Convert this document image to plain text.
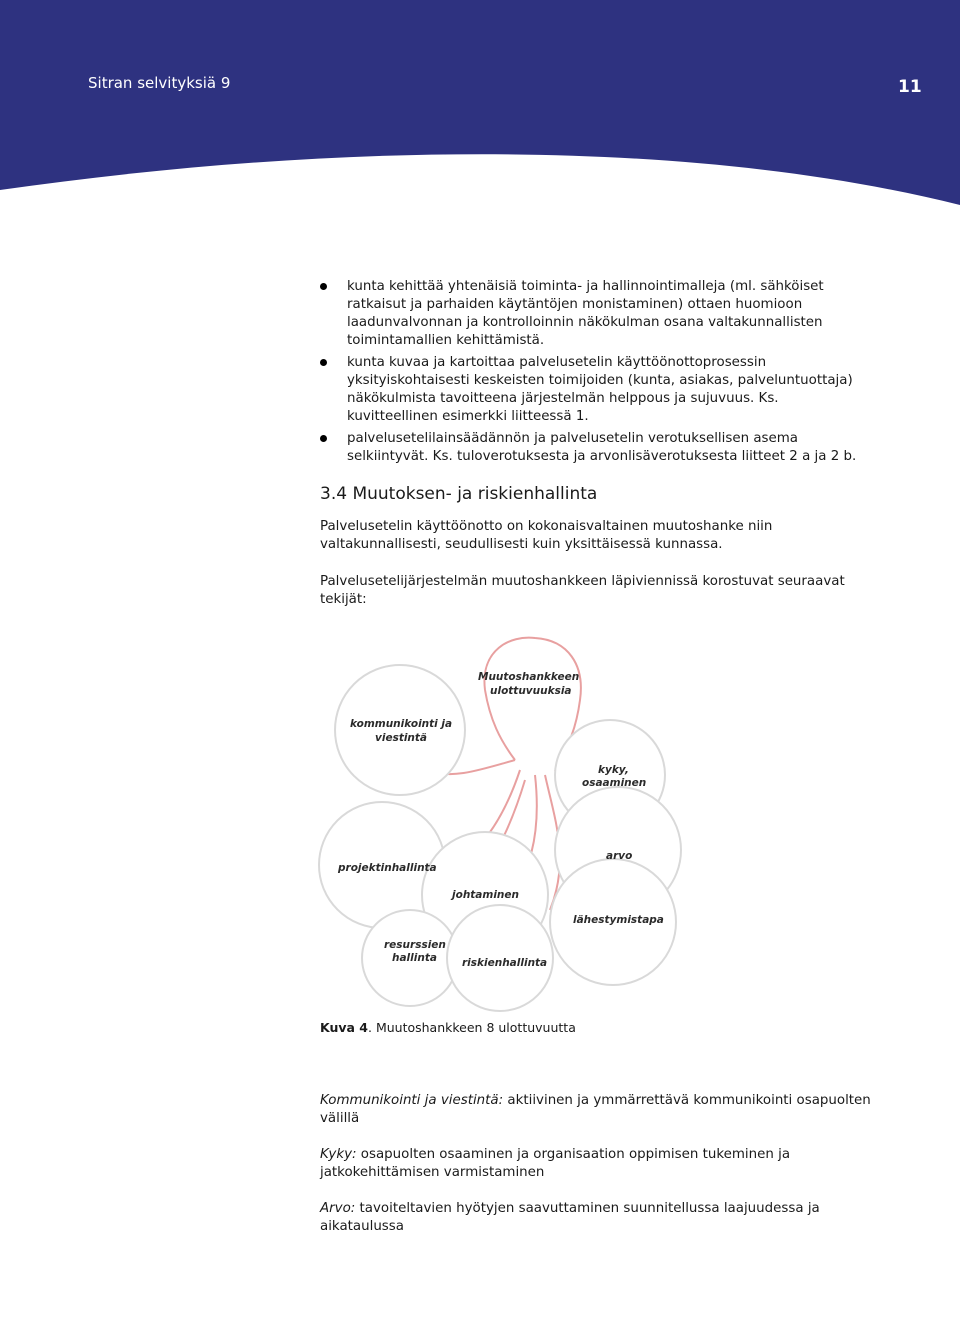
Sitran selvityksiä 9	11
kunta kehittää yhtenäisiä toiminta- ja hallinnointimalleja (ml. sähköiset ratkaisut ja parhaiden käytäntöjen monistaminen) ottaen huomioon laadunvalvonnan ja kontrolloinnin näkökulman osana valtakunnallisten toimintamallien kehittämistä.
kunta kuvaa ja kartoittaa palvelusetelin käyttöönottoprosessin yksityiskohtaisesti keskeisten toimijoiden (kunta, asiakas, palveluntuottaja) näkökulmista tavoitteena järjestelmän helppous ja sujuvuus. Ks. kuvitteellinen esimerkki liitteessä 1.
palvelusetelilainsäädännön ja palvelusetelin verotuksellisen asema selkiintyvät. Ks. tuloverotuksesta ja arvonlisäverotuksesta liitteet 2 a ja 2 b.
3.4 Muutoksen- ja riskienhallinta
Palvelusetelin käyttöönotto on kokonaisvaltainen muutoshanke niin valtakunnallisesti, seudullisesti kuin yksittäisessä kunnassa.
Palvelusetelijärjestelmän muutoshankkeen läpiviennissä korostuvat seuraavat tekijät:
Muutoshankkeen
ulottuvuuksia
kommunikointi ja
viestintä
kyky,
osaaminen
projektinhallinta
arvo
johtaminen
lähestymistapa
resurssien
hallinta riskienhallinta
Kuva 4. Muutoshankkeen 8 ulottuvuutta
Kommunikointi ja viestintä: aktiivinen ja ymmärrettävä kommunikointi osapuolten välillä
Kyky: osapuolten osaaminen ja organisaation oppimisen tukeminen ja jatkokehittämisen varmistaminen
Arvo: tavoiteltavien hyötyjen saavuttaminen suunnitellussa laajuudessa ja aikataulussa
